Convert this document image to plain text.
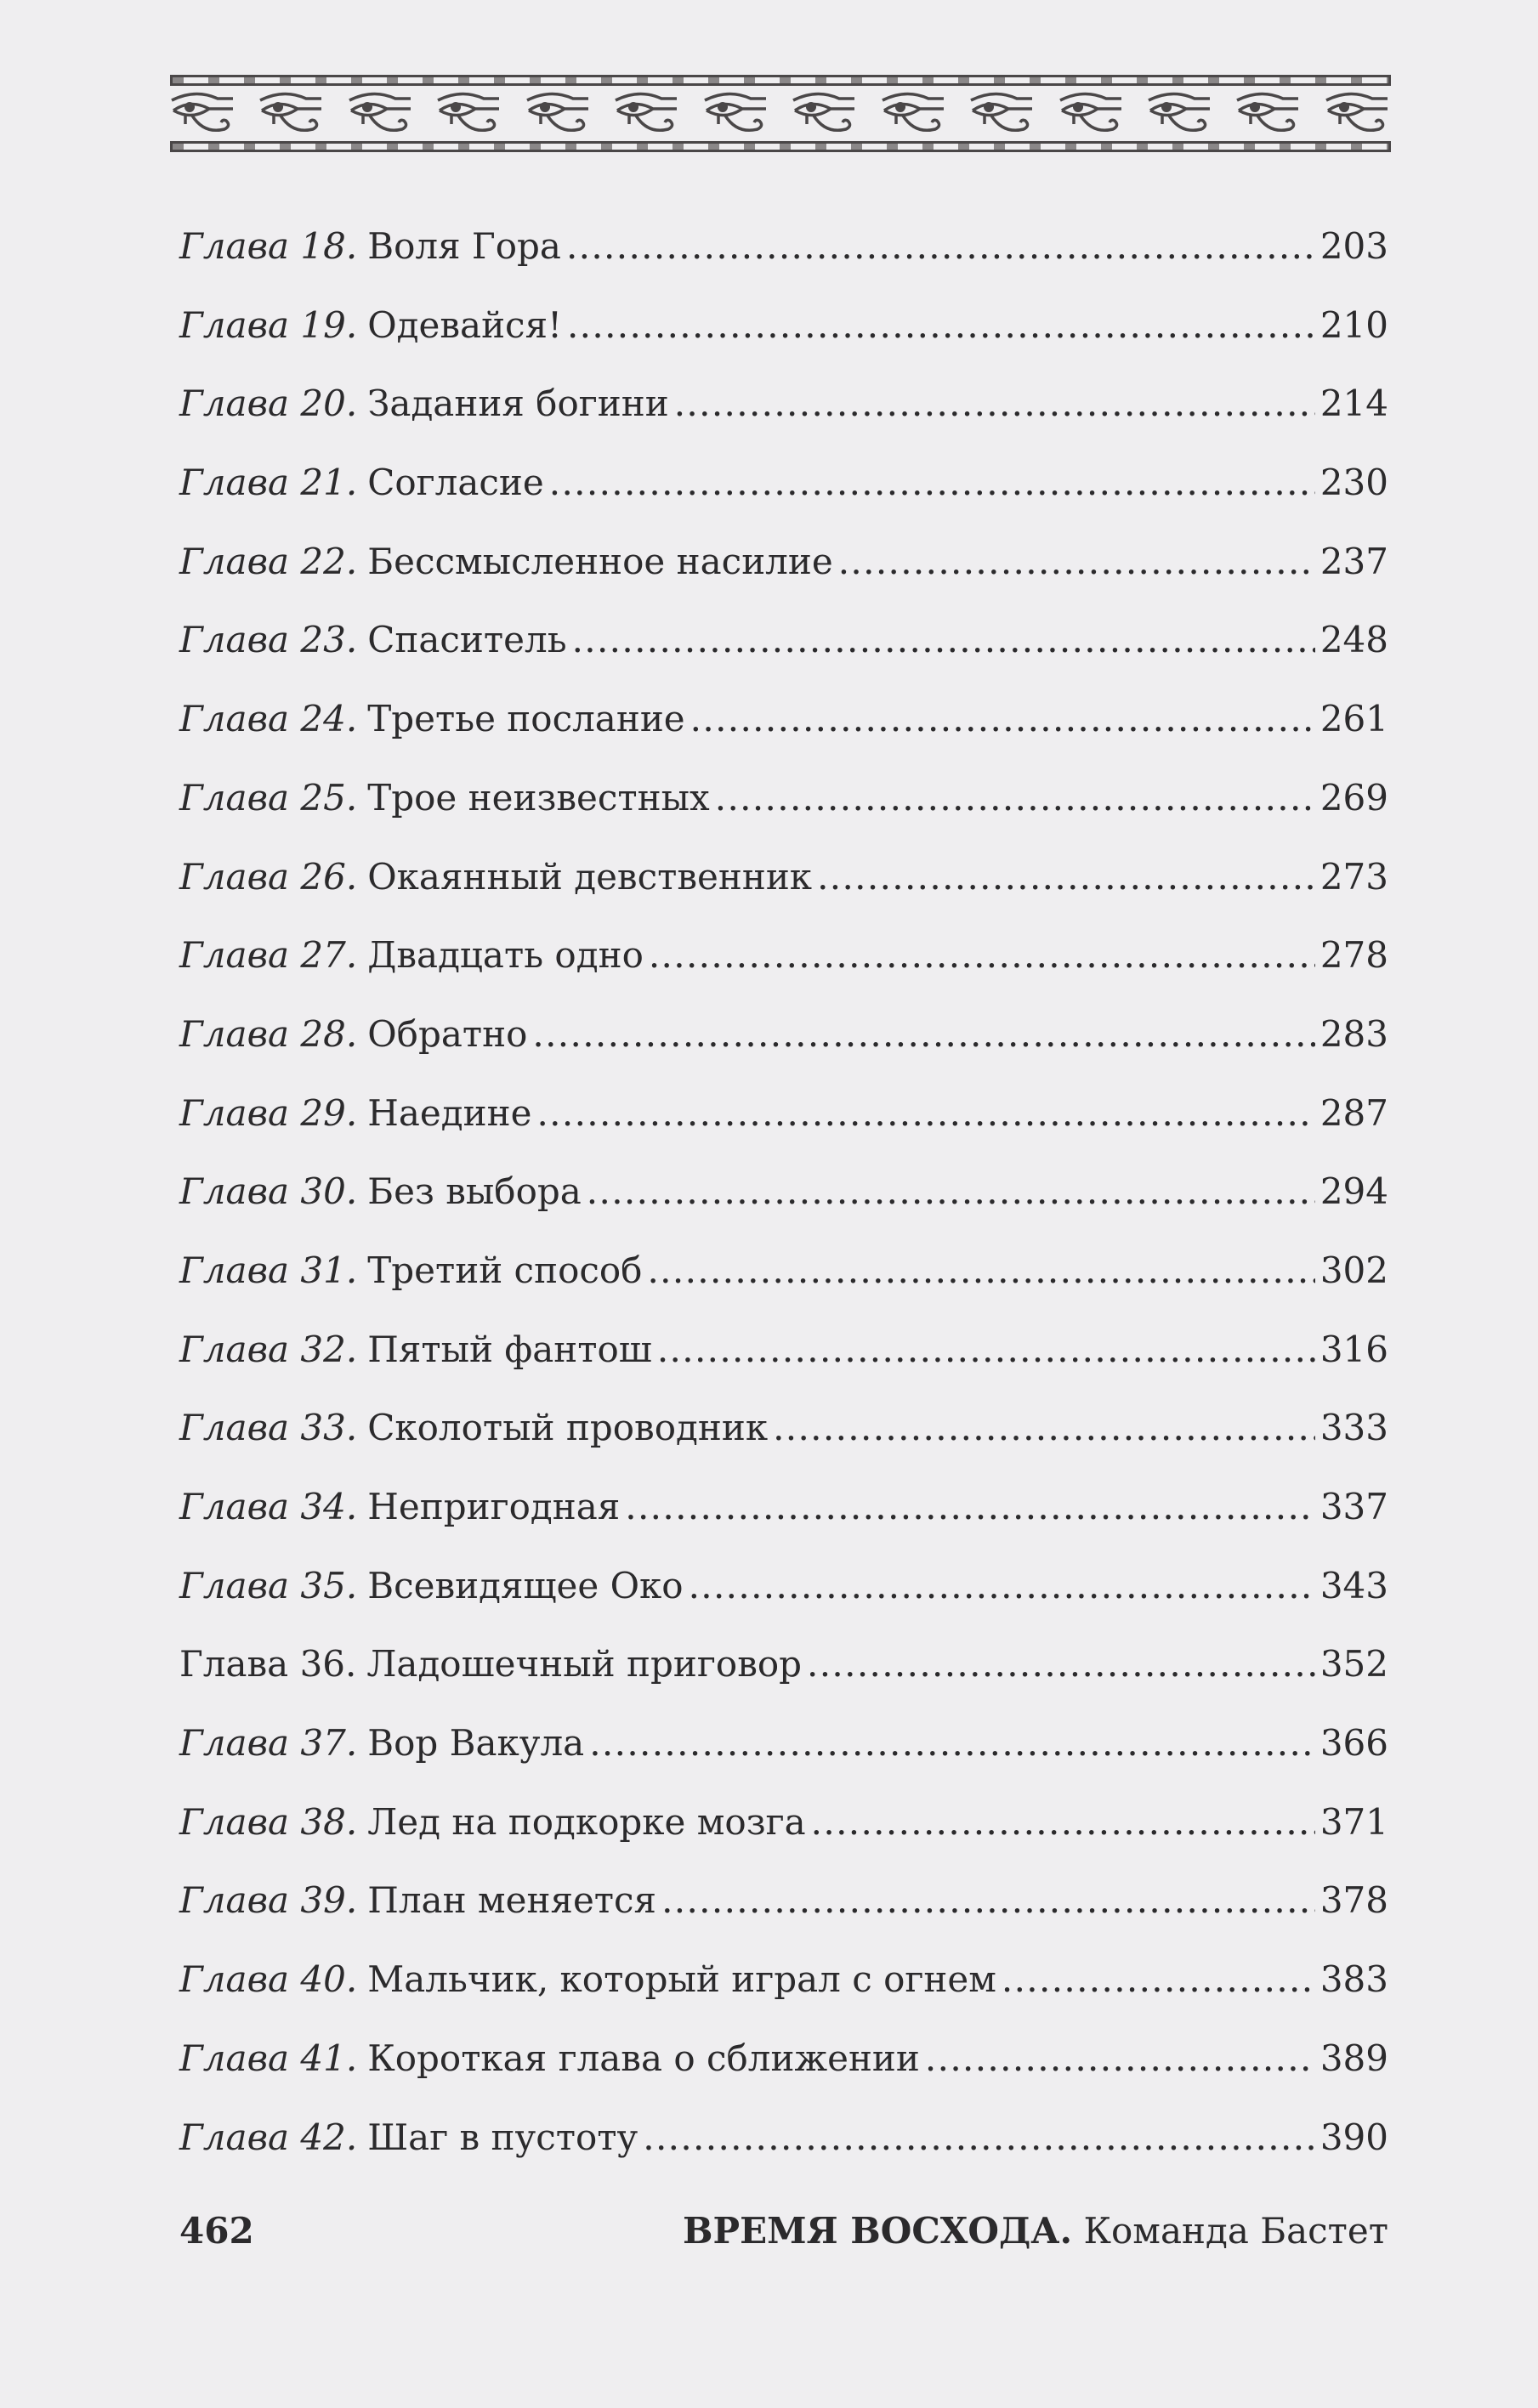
Глава 18. Воля Гора . . .	203
Глава 19. Одевайся! . . .	210
Глава 20. Задания богини . . .	214
Глава 21. Согласие . . .	230
Глава 22. Бессмысленное насилие . . .	237
Глава 23. Спаситель . . .	248
Глава 24. Третье послание . . .	261
Глава 25. Трое неизвестных . . .	269
Глава 26. Окаянный девственник . . .	273
Глава 27. Двадцать одно . . .	278
Глава 28. Обратно . . .	283
Глава 29. Наедине . . .	287
Глава 30. Без выбора . . .	294
Глава 31. Третий способ . . .	302
Глава 32. Пятый фантош . . .	316
Глава 33. Сколотый проводник . . .	333
Глава 34. Непригодная . . .	337
Глава 35. Всевидящее Око . . .	343
Глава 36. Ладошечный приговор . . .	352
Глава 37. Вор Вакула . . .	366
Глава 38. Лед на подкорке мозга . . .	371
Глава 39. План меняется . . .	378
Глава 40. Мальчик, который играл с огнем . . .	383
Глава 41. Короткая глава о сближении . . .	389
Глава 42. Шаг в пустоту . . .	390
462	ВРЕМЯ ВОСХОДА. Команда Бастет
